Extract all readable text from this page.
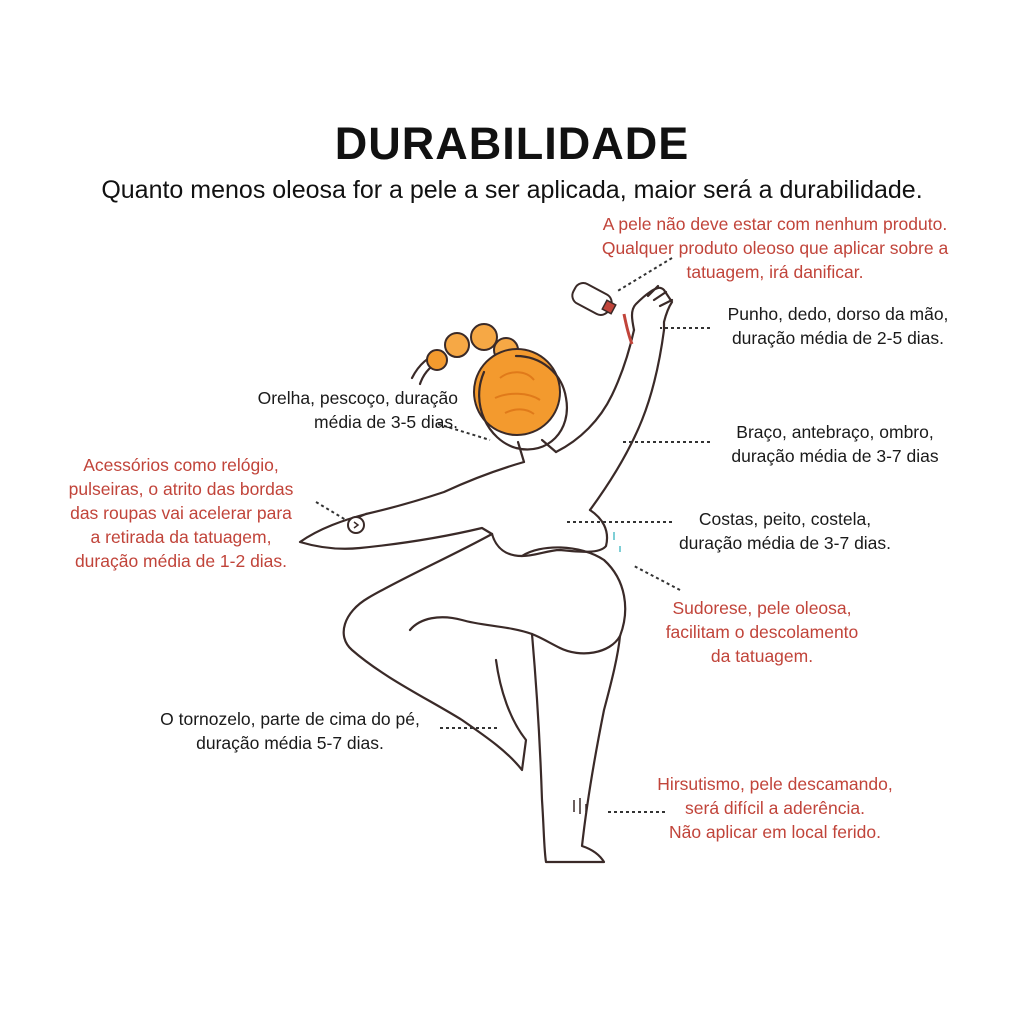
DURABILIDADE
Quanto menos oleosa for a pele a ser aplicada, maior será a durabilidade.
A pele não deve estar com nenhum produto.
Qualquer produto oleoso que aplicar sobre a
tatuagem, irá danificar.
Punho, dedo, dorso da mão,
duração média de 2-5 dias.
Orelha, pescoço, duração
média de 3-5 dias.	Braço, antebraço, ombro,
duração média de 3-7 dias
Acessórios como relógio,
pulseiras, o atrito das bordas
das roupas vai acelerar para
a retirada da tatuagem,
duração média de 1-2 dias.
Costas, peito, costela,
duração média de 3-7 dias.
Sudorese, pele oleosa,
facilitam o descolamento
da tatuagem.
O tornozelo, parte de cima do pé,
duração média 5-7 dias.
Hirsutismo, pele descamando,
será difícil a aderência.
Não aplicar em local ferido.
